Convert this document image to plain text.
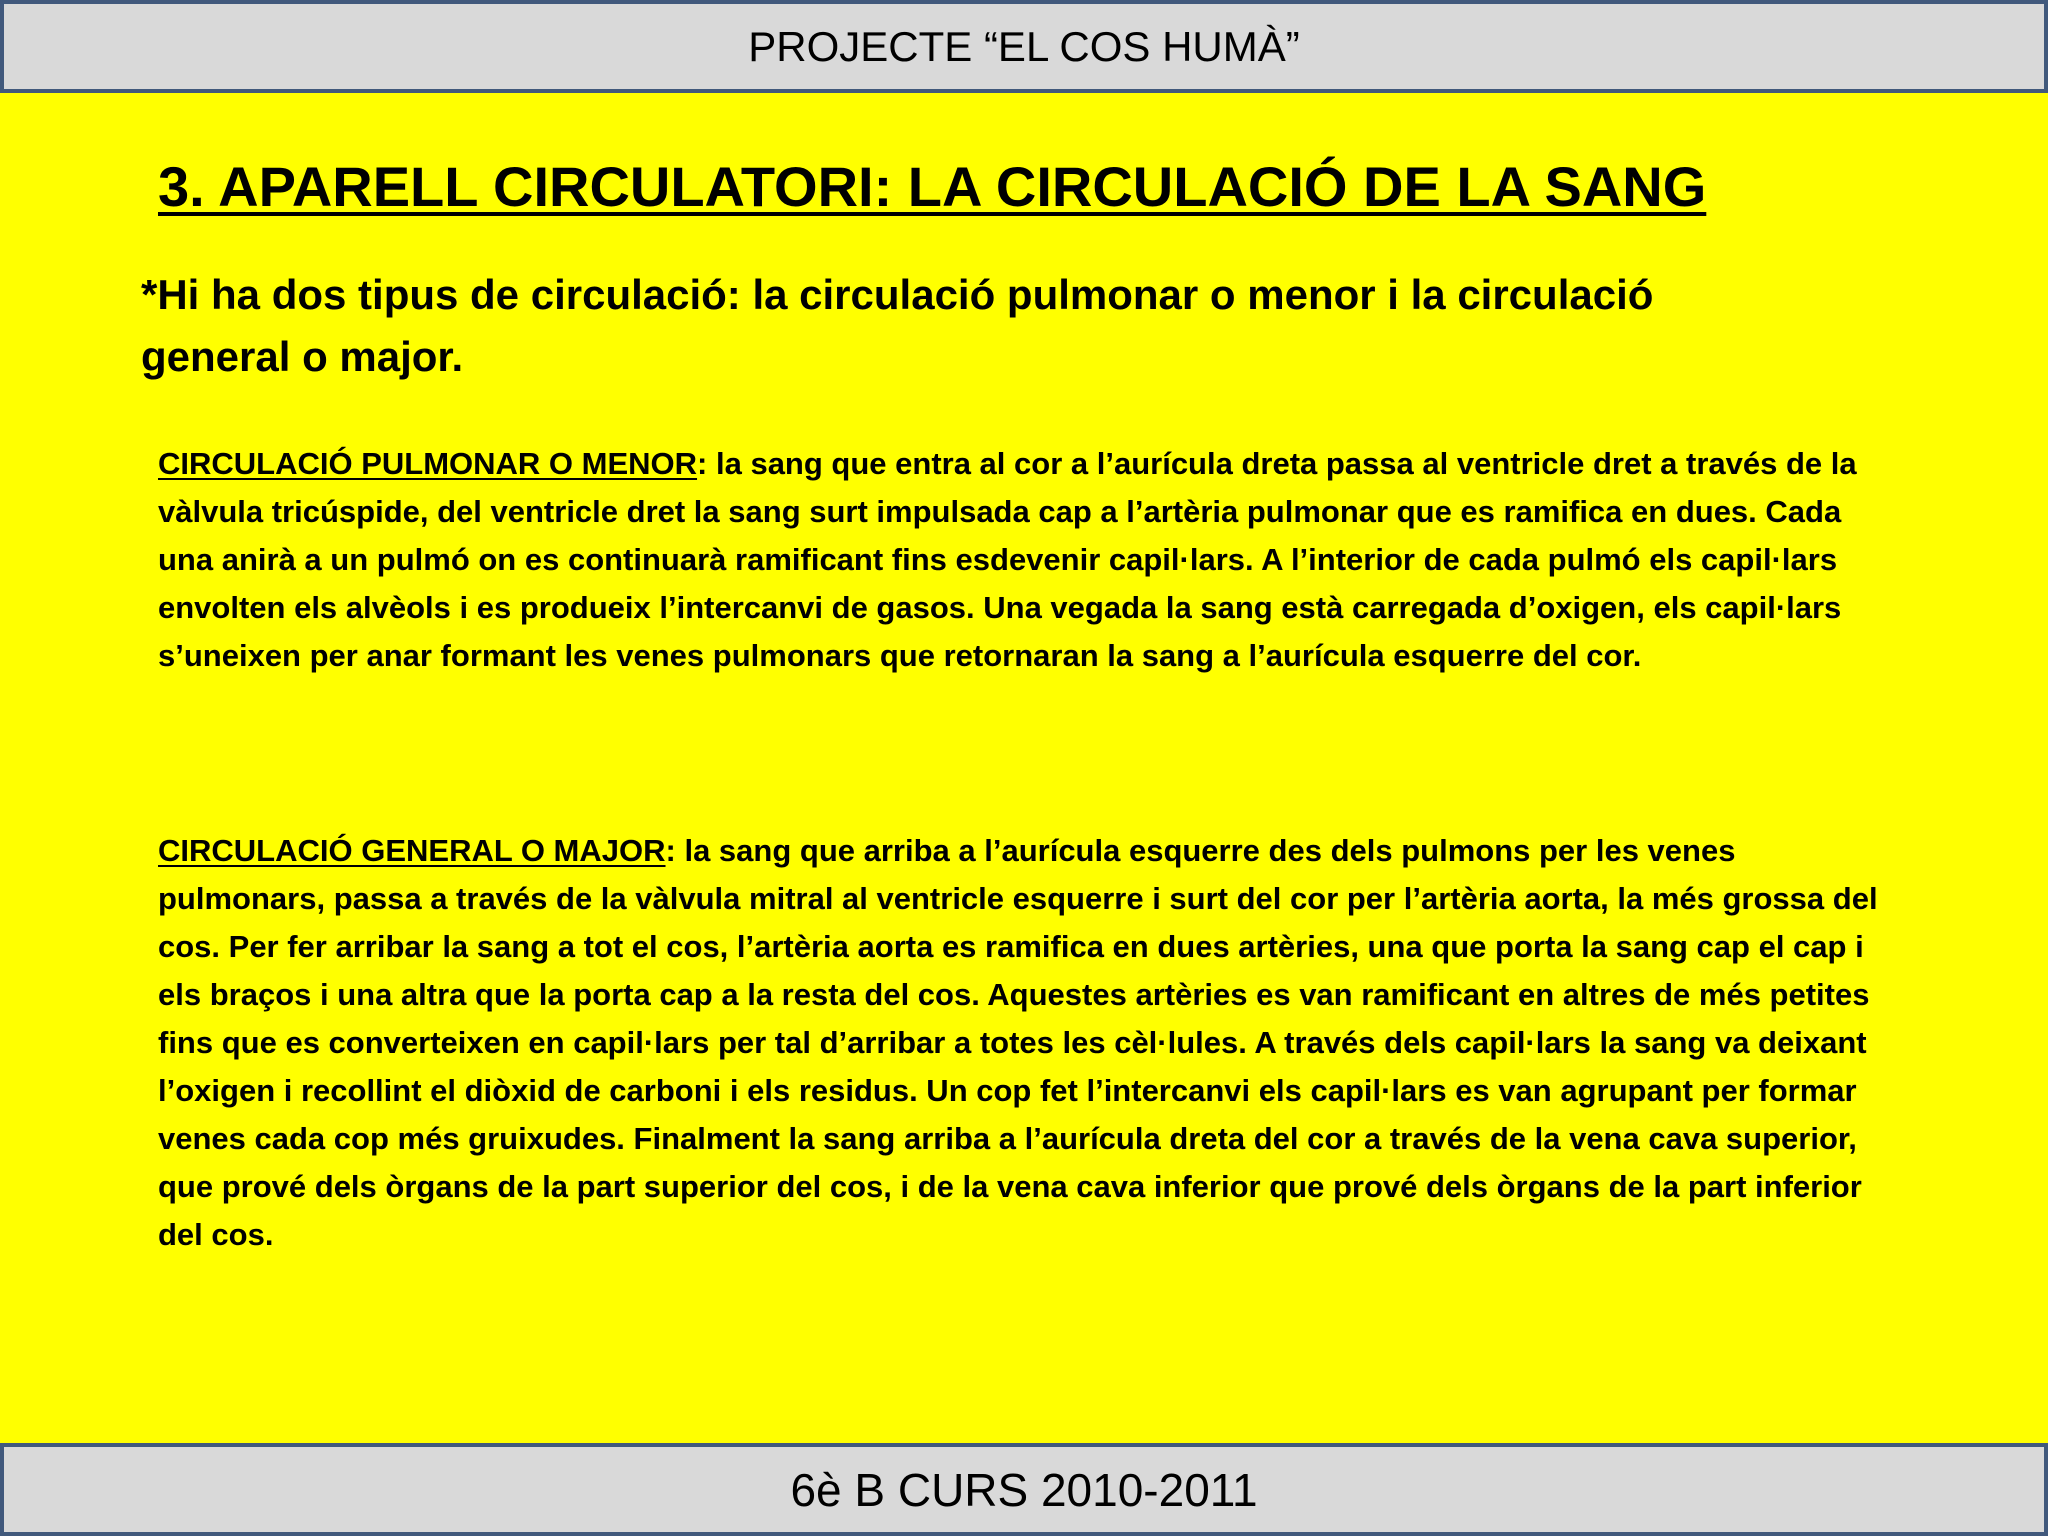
PROJECTE “EL COS HUMÀ”
3. APARELL CIRCULATORI: LA CIRCULACIÓ DE LA SANG

*Hi ha dos tipus de circulació: la circulació pulmonar o menor i la circulació general o major.

CIRCULACIÓ PULMONAR O MENOR: la sang que entra al cor a l’aurícula dreta passa al ventricle dret a través de la vàlvula tricúspide, del ventricle dret la sang surt impulsada cap a l’artèria pulmonar que es ramifica en dues. Cada una anirà a un pulmó on es continuarà ramificant fins esdevenir capil·lars. A l’interior de cada pulmó els capil·lars envolten els alvèols i es produeix l’intercanvi de gasos. Una vegada la sang està carregada d’oxigen, els capil·lars s’uneixen per anar formant les venes pulmonars que retornaran la sang a l’aurícula esquerre del cor.

CIRCULACIÓ GENERAL O MAJOR: la sang que arriba a l’aurícula esquerre des dels pulmons per les venes pulmonars, passa a través de la vàlvula mitral al ventricle esquerre i surt del cor per l’artèria aorta, la més grossa del cos. Per fer arribar la sang a tot el cos, l’artèria aorta es ramifica en dues artèries, una que porta la sang cap el cap i els braços i una altra que la porta cap a la resta del cos. Aquestes artèries es van ramificant en altres de més petites fins que es converteixen en capil·lars per tal d’arribar a totes les cèl·lules. A través dels capil·lars la sang va deixant l’oxigen i recollint el diòxid de carboni i els residus. Un cop fet l’intercanvi els capil·lars es van agrupant per formar venes cada cop més gruixudes. Finalment la sang arriba a l’aurícula dreta del cor a través de la vena cava superior, que prové dels òrgans de la part superior del cos, i de la vena cava inferior que prové dels òrgans de la part inferior del cos.

6è B CURS 2010-2011
